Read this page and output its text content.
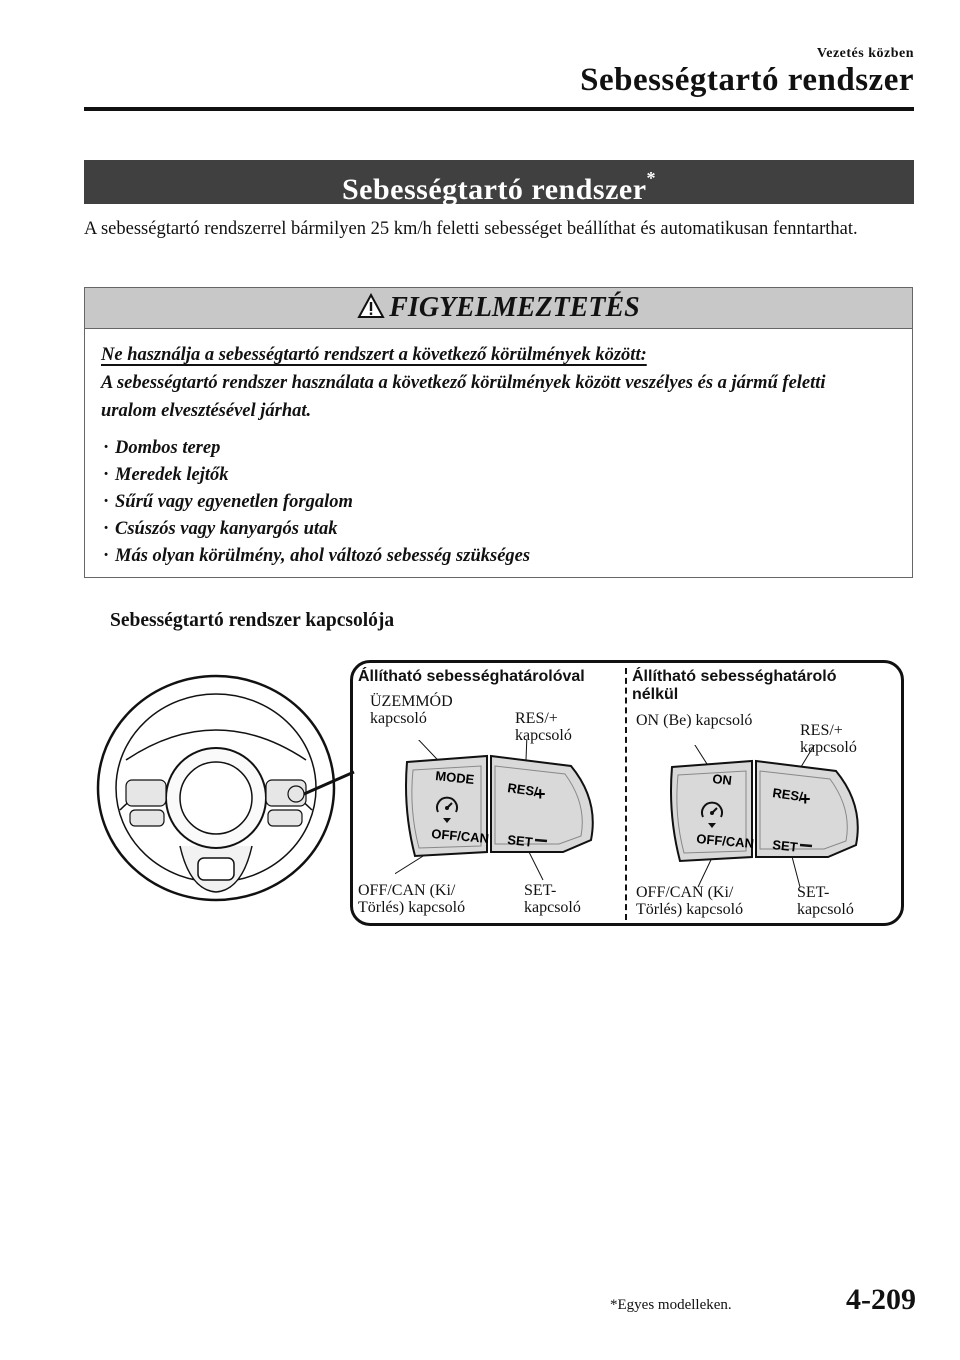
Vezetés közben
Sebességtartó rendszer
Sebességtartó rendszer*
A sebességtartó rendszerrel bármilyen 25 km/h feletti sebességet beállíthat és automatikusan fenntarthat.
FIGYELMEZTETÉS
Ne használja a sebességtartó rendszert a következő körülmények között:
A sebességtartó rendszer használata a következő körülmények között veszélyes és a jármű feletti uralom elvesztésével járhat.
· Dombos terep
· Meredek lejtők
· Sűrű vagy egyenetlen forgalom
· Csúszós vagy kanyargós utak
· Más olyan körülmény, ahol változó sebesség szükséges
Sebességtartó rendszer kapcsolója
Állítható sebességhatárolóval	Állítható sebességhatároló
nélkül
ÜZEMMÓD
kapcsoló	RES/+
kapcsoló
OFF/CAN (Ki/
Törlés) kapcsoló
SET-
kapcsoló
ON (Be) kapcsoló
RES/+
kapcsoló
OFF/CAN (Ki/
Törlés) kapcsoló
SET-
kapcsoló
MODE
OFF/CAN
RES/
+
SET
ON
OFF/CAN
RES/
+
SET
*Egyes modelleken.	4-209
